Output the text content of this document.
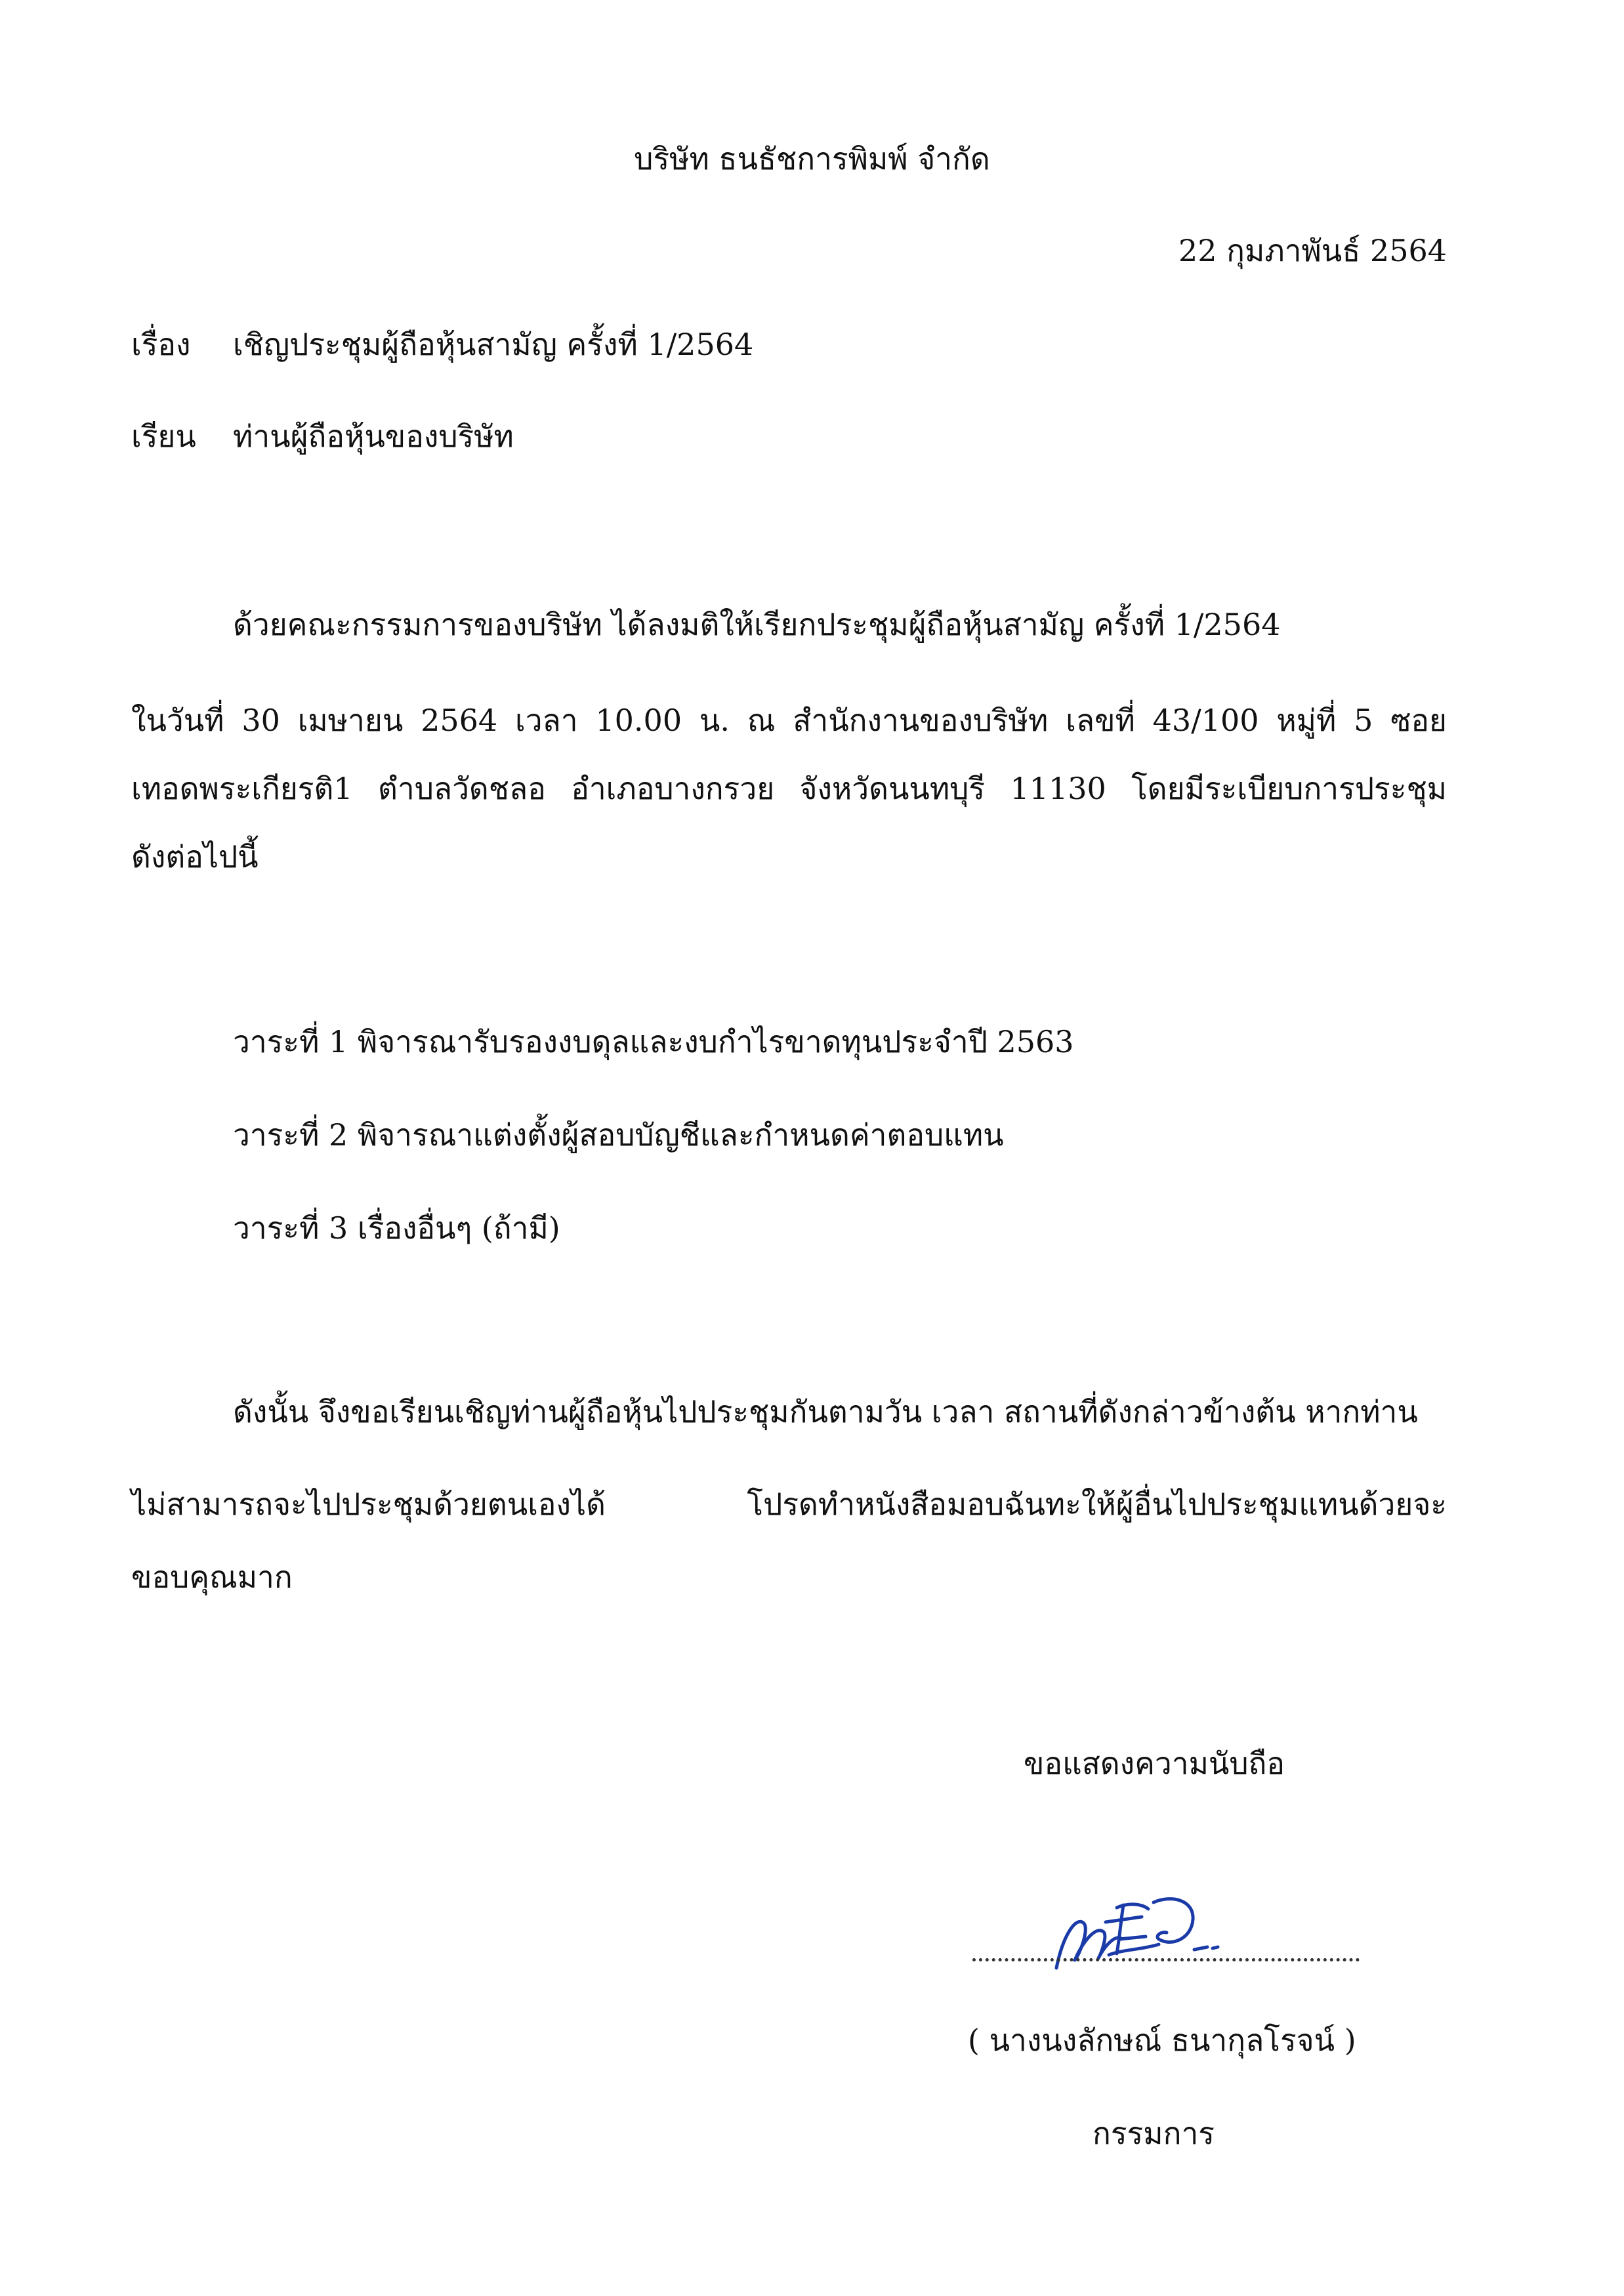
บริษัท ธนธัชการพิมพ์ จำกัด
22 กุมภาพันธ์ 2564
เรื่อง เชิญประชุมผู้ถือหุ้นสามัญ ครั้งที่ 1/2564
เรียน ท่านผู้ถือหุ้นของบริษัท
ด้วยคณะกรรมการของบริษัท ได้ลงมติให้เรียกประชุมผู้ถือหุ้นสามัญ ครั้งที่ 1/2564
ในวันที่ 30 เมษายน 2564 เวลา 10.00 น. ณ สำนักงานของบริษัท เลขที่ 43/100 หมู่ที่ 5 ซอย
เทอดพระเกียรติ1 ตำบลวัดชลอ อำเภอบางกรวย จังหวัดนนทบุรี 11130 โดยมีระเบียบการประชุม
ดังต่อไปนี้
วาระที่ 1 พิจารณารับรองงบดุลและงบกำไรขาดทุนประจำปี 2563
วาระที่ 2 พิจารณาแต่งตั้งผู้สอบบัญชีและกำหนดค่าตอบแทน
วาระที่ 3 เรื่องอื่นๆ (ถ้ามี)
ดังนั้น จึงขอเรียนเชิญท่านผู้ถือหุ้นไปประชุมกันตามวัน เวลา สถานที่ดังกล่าวข้างต้น หากท่าน
ไม่สามารถจะไปประชุมด้วยตนเองได้ โปรดทำหนังสือมอบฉันทะให้ผู้อื่นไปประชุมแทนด้วยจะ
ขอบคุณมาก
ขอแสดงความนับถือ
( นางนงลักษณ์ ธนากุลโรจน์ )
กรรมการ
